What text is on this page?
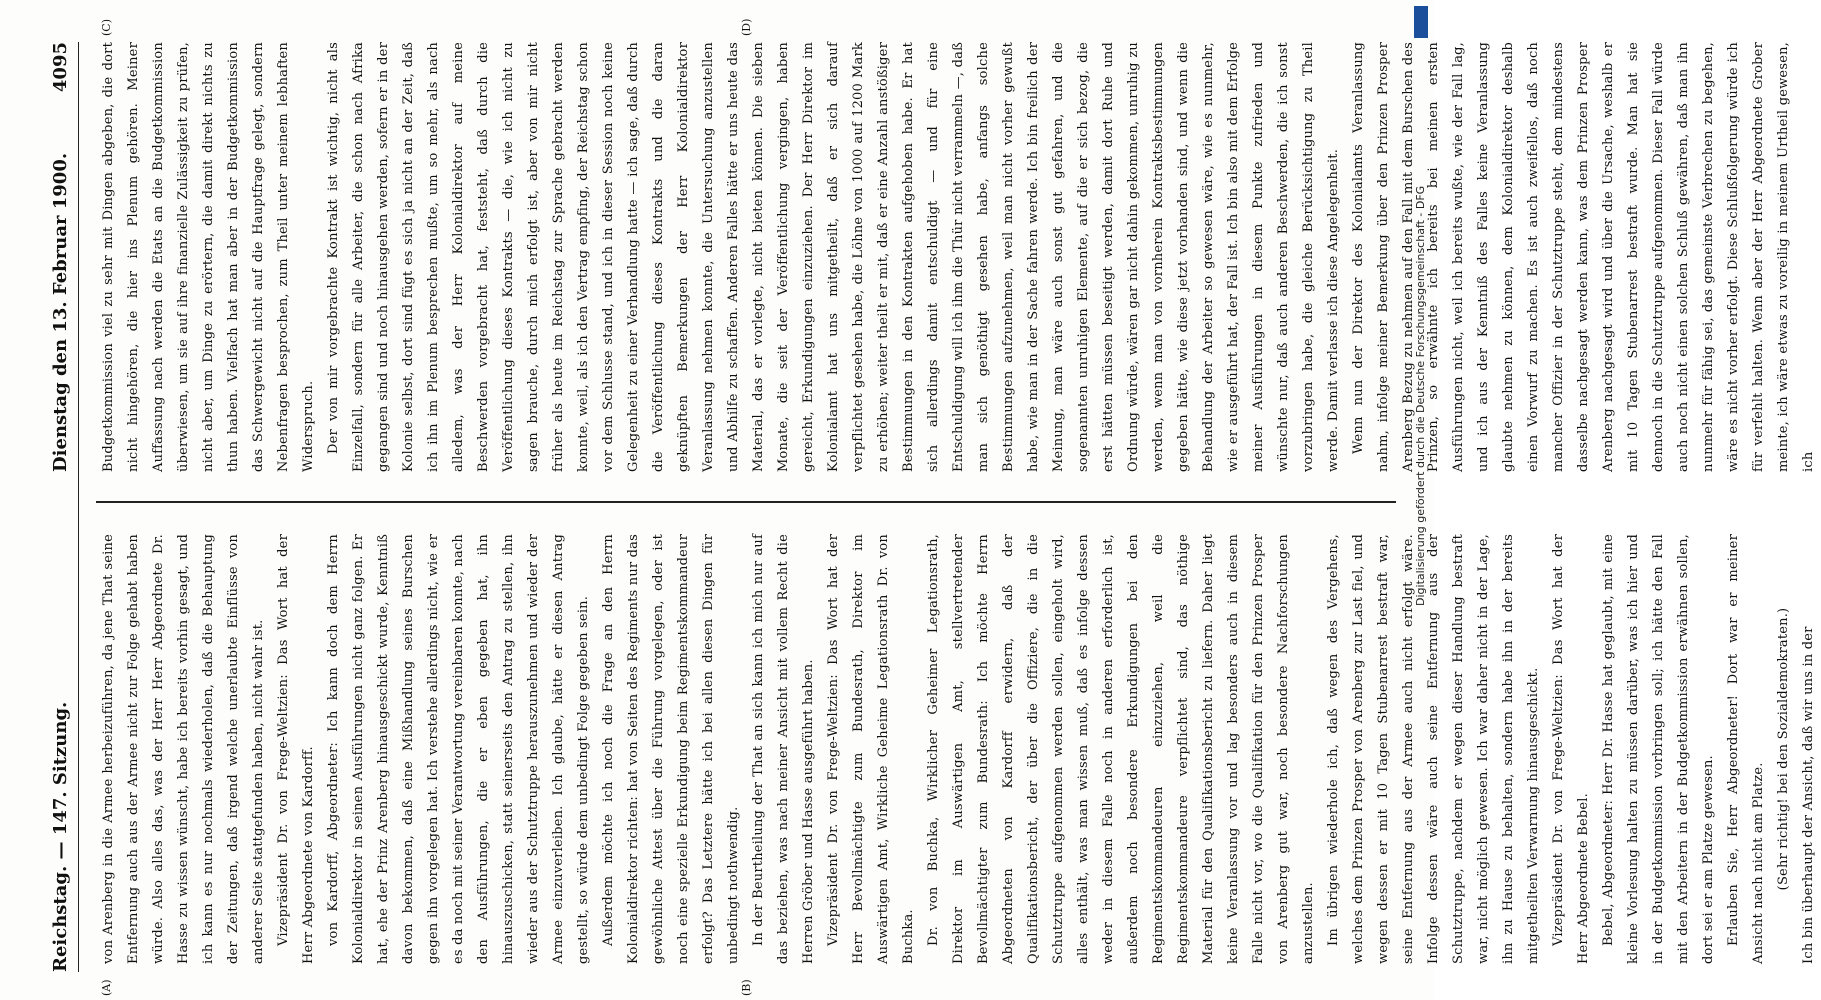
Reichstag. — 147. Sitzung.
Dienstag den 13. Februar 1900.
4095
(A)	(B)
(C)	(D)

von Arenberg in die Armee herbeizuführen, da jene That seine Entfernung auch aus der Armee nicht zur Folge gehabt haben würde. Also alles das, was der Herr Herr Abgeordnete Dr. Hasse zu wissen wünscht, habe ich bereits vorhin gesagt, und ich kann es nur nochmals wiederholen, daß die Behauptung der Zeitungen, daß irgend welche unerlaubte Einflüsse von anderer Seite stattgefunden haben, nicht wahr ist. Vizepräsident Dr. von Frege-Weltzien: Das Wort hat der Herr Abgeordnete von Kardorff. von Kardorff, Abgeordneter: Ich kann doch dem Herrn Kolonialdirektor in seinen Ausführungen nicht ganz folgen. Er hat, ehe der Prinz Arenberg hinausgeschickt wurde, Kenntniß davon bekommen, daß eine Mißhandlung seines Burschen gegen ihn vorgelegen hat. Ich verstehe allerdings nicht, wie er es da noch mit seiner Verantwortung vereinbaren konnte, nach den Ausführungen, die er eben gegeben hat, ihn hinauszuschicken, statt seinerseits den Antrag zu stellen, ihn wieder aus der Schutztruppe herauszunehmen und wieder der Armee einzuverleiben. Ich glaube, hätte er diesen Antrag gestellt, so würde dem unbedingt Folge gegeben sein. Außerdem möchte ich noch die Frage an den Herrn Kolonialdirektor richten: hat von Seiten des Regiments nur das gewöhnliche Attest über die Führung vorgelegen, oder ist noch eine spezielle Erkundigung beim Regimentskommandeur erfolgt? Das Letztere hätte ich bei allen diesen Dingen für unbedingt nothwendig. In der Beurtheilung der That an sich kann ich mich nur auf das beziehen, was nach meiner Ansicht mit vollem Recht die Herren Gröber und Hasse ausgeführt haben. Vizepräsident Dr. von Frege-Weltzien: Das Wort hat der Herr Bevollmächtigte zum Bundesrath, Direktor im Auswärtigen Amt, Wirkliche Geheime Legationsrath Dr. von Buchka. Dr. von Buchka, Wirklicher Geheimer Legationsrath, Direktor im Auswärtigen Amt, stellvertretender Bevollmächtigter zum Bundesrath: Ich möchte Herrn Abgeordneten von Kardorff erwidern, daß der Qualifikationsbericht, der über die Offiziere, die in die Schutztruppe aufgenommen werden sollen, eingeholt wird, alles enthält, was man wissen muß, daß es infolge dessen weder in diesem Falle noch in anderen erforderlich ist, außerdem noch besondere Erkundigungen bei den Regimentskommandeuren einzuziehen, weil die Regimentskommandeure verpflichtet sind, das nöthige Material für den Qualifikationsbericht zu liefern. Daher liegt keine Veranlassung vor und lag besonders auch in diesem Falle nicht vor, wo die Qualifikation für den Prinzen Prosper von Arenberg gut war, noch besondere Nachforschungen anzustellen. Im übrigen wiederhole ich, daß wegen des Vergehens, welches dem Prinzen Prosper von Arenberg zur Last fiel, und wegen dessen er mit 10 Tagen Stubenarrest bestraft war, seine Entfernung aus der Armee auch nicht erfolgt wäre. Infolge dessen wäre auch seine Entfernung aus der Schutztruppe, nachdem er wegen dieser Handlung bestraft war, nicht möglich gewesen. Ich war daher nicht in der Lage, ihn zu Hause zu behalten, sondern habe ihn in der bereits mitgetheilten Verwarnung hinausgeschickt. Vizepräsident Dr. von Frege-Weltzien: Das Wort hat der Herr Abgeordnete Bebel. Bebel, Abgeordneter: Herr Dr. Hasse hat geglaubt, mit eine kleine Vorlesung halten zu müssen darüber, was ich hier und in der Budgetkommission vorbringen soll; ich hätte den Fall mit den Arbeitern in der Budgetkommission erwähnen sollen, dort sei er am Platze gewesen. Erlauben Sie, Herr Abgeordneter! Dort war er meiner Ansicht nach nicht am Platze. (Sehr richtig! bei den Sozialdemokraten.) Ich bin überhaupt der Ansicht, daß wir uns in der

Budgetkommission viel zu sehr mit Dingen abgeben, die dort nicht hingehören, die hier ins Plenum gehören. Meiner Auffassung nach werden die Etats an die Budgetkommission überwiesen, um sie auf ihre finanzielle Zulässigkeit zu prüfen, nicht aber, um Dinge zu erörtern, die damit direkt nichts zu thun haben. Vielfach hat man aber in der Budgetkommission das Schwergewicht nicht auf die Hauptfrage gelegt, sondern Nebenfragen besprochen, zum Theil unter meinem lebhaften Widerspruch. Der von mir vorgebrachte Kontrakt ist wichtig, nicht als Einzelfall, sondern für alle Arbeiter, die schon nach Afrika gegangen sind und noch hinausgehen werden, sofern er in der Kolonie selbst, dort sind fügt es sich ja nicht an der Zeit, daß ich ihn im Plenum besprechen mußte, um so mehr, als nach alledem, was der Herr Kolonialdirektor auf meine Beschwerden vorgebracht hat, feststeht, daß durch die Veröffentlichung dieses Kontrakts — die, wie ich nicht zu sagen brauche, durch mich erfolgt ist, aber von mir nicht früher als heute im Reichstag zur Sprache gebracht werden konnte, weil, als ich den Vertrag empfing, der Reichstag schon vor dem Schlusse stand, und ich in dieser Session noch keine Gelegenheit zu einer Verhandlung hatte — ich sage, daß durch die Veröffentlichung dieses Kontrakts und die daran geknüpften Bemerkungen der Herr Kolonialdirektor Veranlassung nehmen konnte, die Untersuchung anzustellen und Abhilfe zu schaffen. Anderen Falles hätte er uns heute das Material, das er vorlegte, nicht bieten können. Die sieben Monate, die seit der Veröffentlichung vergingen, haben gereicht, Erkundigungen einzuziehen. Der Herr Direktor im Kolonialamt hat uns mitgetheilt, daß er sich darauf verpflichtet gesehen habe, die Löhne von 1000 auf 1200 Mark zu erhöhen; weiter theilt er mit, daß er eine Anzahl anstößiger Bestimmungen in den Kontrakten aufgehoben habe. Er hat sich allerdings damit entschuldigt — und für eine Entschuldigung will ich ihm die Thür nicht verrammeln —, daß man sich genöthigt gesehen habe, anfangs solche Bestimmungen aufzunehmen, weil man nicht vorher gewußt habe, wie man in der Sache fahren werde. Ich bin freilich der Meinung, man wäre auch sonst gut gefahren, und die sogenannten unruhigen Elemente, auf die er sich bezog, die erst hätten müssen beseitigt werden, damit dort Ruhe und Ordnung würde, wären gar nicht dahin gekommen, unruhig zu werden, wenn man von vornherein Kontraktsbestimmungen gegeben hätte, wie diese jetzt vorhanden sind, und wenn die Behandlung der Arbeiter so gewesen wäre, wie es nunmehr, wie er ausgeführt hat, der Fall ist. Ich bin also mit dem Erfolge meiner Ausführungen in diesem Punkte zufrieden und wünschte nur, daß auch anderen Beschwerden, die ich sonst vorzubringen habe, die gleiche Berücksichtigung zu Theil werde. Damit verlasse ich diese Angelegenheit. Wenn nun der Direktor des Kolonialamts Veranlassung nahm, infolge meiner Bemerkung über den Prinzen Prosper Arenberg Bezug zu nehmen auf den Fall mit dem Burschen des Prinzen, so erwähnte ich bereits bei meinen ersten Ausführungen nicht, weil ich bereits wußte, wie der Fall lag, und ich aus der Kenntniß des Falles keine Veranlassung glaubte nehmen zu können, dem Kolonialdirektor deshalb einen Vorwurf zu machen. Es ist auch zweifellos, daß noch mancher Offizier in der Schutztruppe steht, dem mindestens dasselbe nachgesagt werden kann, was dem Prinzen Prosper Arenberg nachgesagt wird und über die Ursache, weshalb er mit 10 Tagen Stubenarrest bestraft wurde. Man hat sie dennoch in die Schutztruppe aufgenommen. Dieser Fall würde auch noch nicht einen solchen Schluß gewähren, daß man ihn nunmehr für fähig sei, das gemeinste Verbrechen zu begehen, wäre es nicht vorher erfolgt. Diese Schlußfolgerung würde ich für verfehlt halten. Wenn aber der Herr Abgeordnete Grober meinte, ich wäre etwas zu voreilig in meinem Urtheil gewesen, ich

Digitalisierung gefördert durch die Deutsche Forschungsgemeinschaft - DFG
